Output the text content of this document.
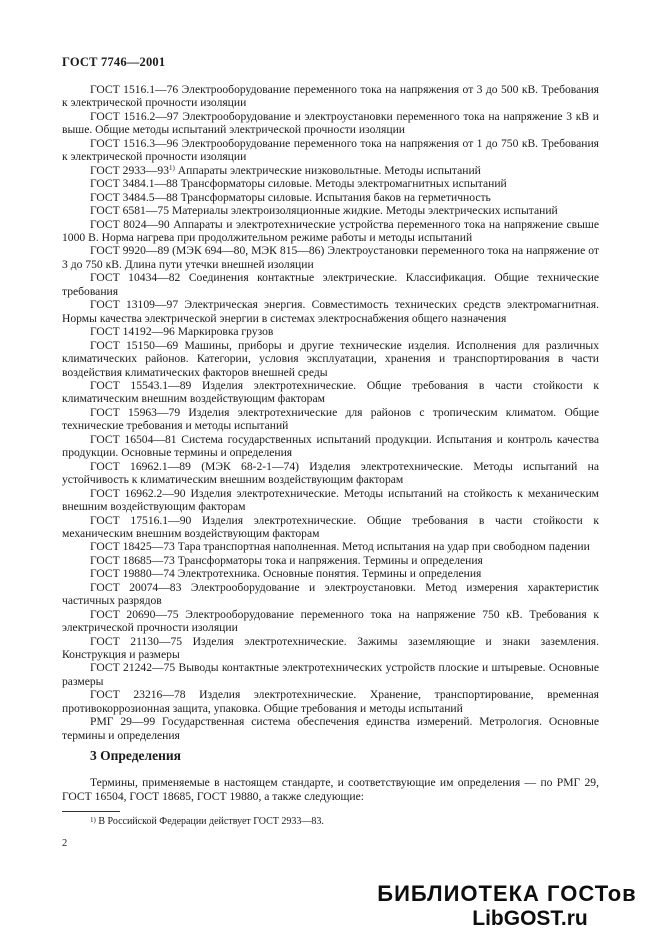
ГОСТ 7746—2001

ГОСТ 1516.1—76 Электрооборудование переменного тока на напряжения от 3 до 500 кВ. Требования к электрической прочности изоляции

ГОСТ 1516.2—97 Электрооборудование и электроустановки переменного тока на напряжение 3 кВ и выше. Общие методы испытаний электрической прочности изоляции

ГОСТ 1516.3—96 Электрооборудование переменного тока на напряжения от 1 до 750 кВ. Требования к электрической прочности изоляции

ГОСТ 2933—93$^{1)}$ Аппараты электрические низковольтные. Методы испытаний

ГОСТ 3484.1—88 Трансформаторы силовые. Методы электромагнитных испытаний

ГОСТ 3484.5—88 Трансформаторы силовые. Испытания баков на герметичность

ГОСТ 6581—75 Материалы электроизоляционные жидкие. Методы электрических испытаний

ГОСТ 8024—90 Аппараты и электротехнические устройства переменного тока на напряжение свыше 1000 В. Норма нагрева при продолжительном режиме работы и методы испытаний

ГОСТ 9920—89 (МЭК 694—80, МЭК 815—86) Электроустановки переменного тока на напряжение от 3 до 750 кВ. Длина пути утечки внешней изоляции

ГОСТ 10434—82 Соединения контактные электрические. Классификация. Общие технические требования

ГОСТ 13109—97 Электрическая энергия. Совместимость технических средств электромагнитная. Нормы качества электрической энергии в системах электроснабжения общего назначения

ГОСТ 14192—96 Маркировка грузов

ГОСТ 15150—69 Машины, приборы и другие технические изделия. Исполнения для различных климатических районов. Категории, условия эксплуатации, хранения и транспортирования в части воздействия климатических факторов внешней среды

ГОСТ 15543.1—89 Изделия электротехнические. Общие требования в части стойкости к климатическим внешним воздействующим факторам

ГОСТ 15963—79 Изделия электротехнические для районов с тропическим климатом. Общие технические требования и методы испытаний

ГОСТ 16504—81 Система государственных испытаний продукции. Испытания и контроль качества продукции. Основные термины и определения

ГОСТ 16962.1—89 (МЭК 68-2-1—74) Изделия электротехнические. Методы испытаний на устойчивость к климатическим внешним воздействующим факторам

ГОСТ 16962.2—90 Изделия электротехнические. Методы испытаний на стойкость к механическим внешним воздействующим факторам

ГОСТ 17516.1—90 Изделия электротехнические. Общие требования в части стойкости к механическим внешним воздействующим факторам

ГОСТ 18425—73 Тара транспортная наполненная. Метод испытания на удар при свободном падении

ГОСТ 18685—73 Трансформаторы тока и напряжения. Термины и определения

ГОСТ 19880—74 Электротехника. Основные понятия. Термины и определения

ГОСТ 20074—83 Электрооборудование и электроустановки. Метод измерения характеристик частичных разрядов

ГОСТ 20690—75 Электрооборудование переменного тока на напряжение 750 кВ. Требования к электрической прочности изоляции

ГОСТ 21130—75 Изделия электротехнические. Зажимы заземляющие и знаки заземления. Конструкция и размеры

ГОСТ 21242—75 Выводы контактные электротехнических устройств плоские и штыревые. Основные размеры

ГОСТ 23216—78 Изделия электротехнические. Хранение, транспортирование, временная противокоррозионная защита, упаковка. Общие требования и методы испытаний

РМГ 29—99 Государственная система обеспечения единства измерений. Метрология. Основные термины и определения

3 Определения

Термины, применяемые в настоящем стандарте, и соответствующие им определения — по РМГ 29, ГОСТ 16504, ГОСТ 18685, ГОСТ 19880, а также следующие:

$^{1)}$ В Российской Федерации действует ГОСТ 2933—83.
2
БИБЛИОТЕКА ГОСТов
LibGOST.ru
